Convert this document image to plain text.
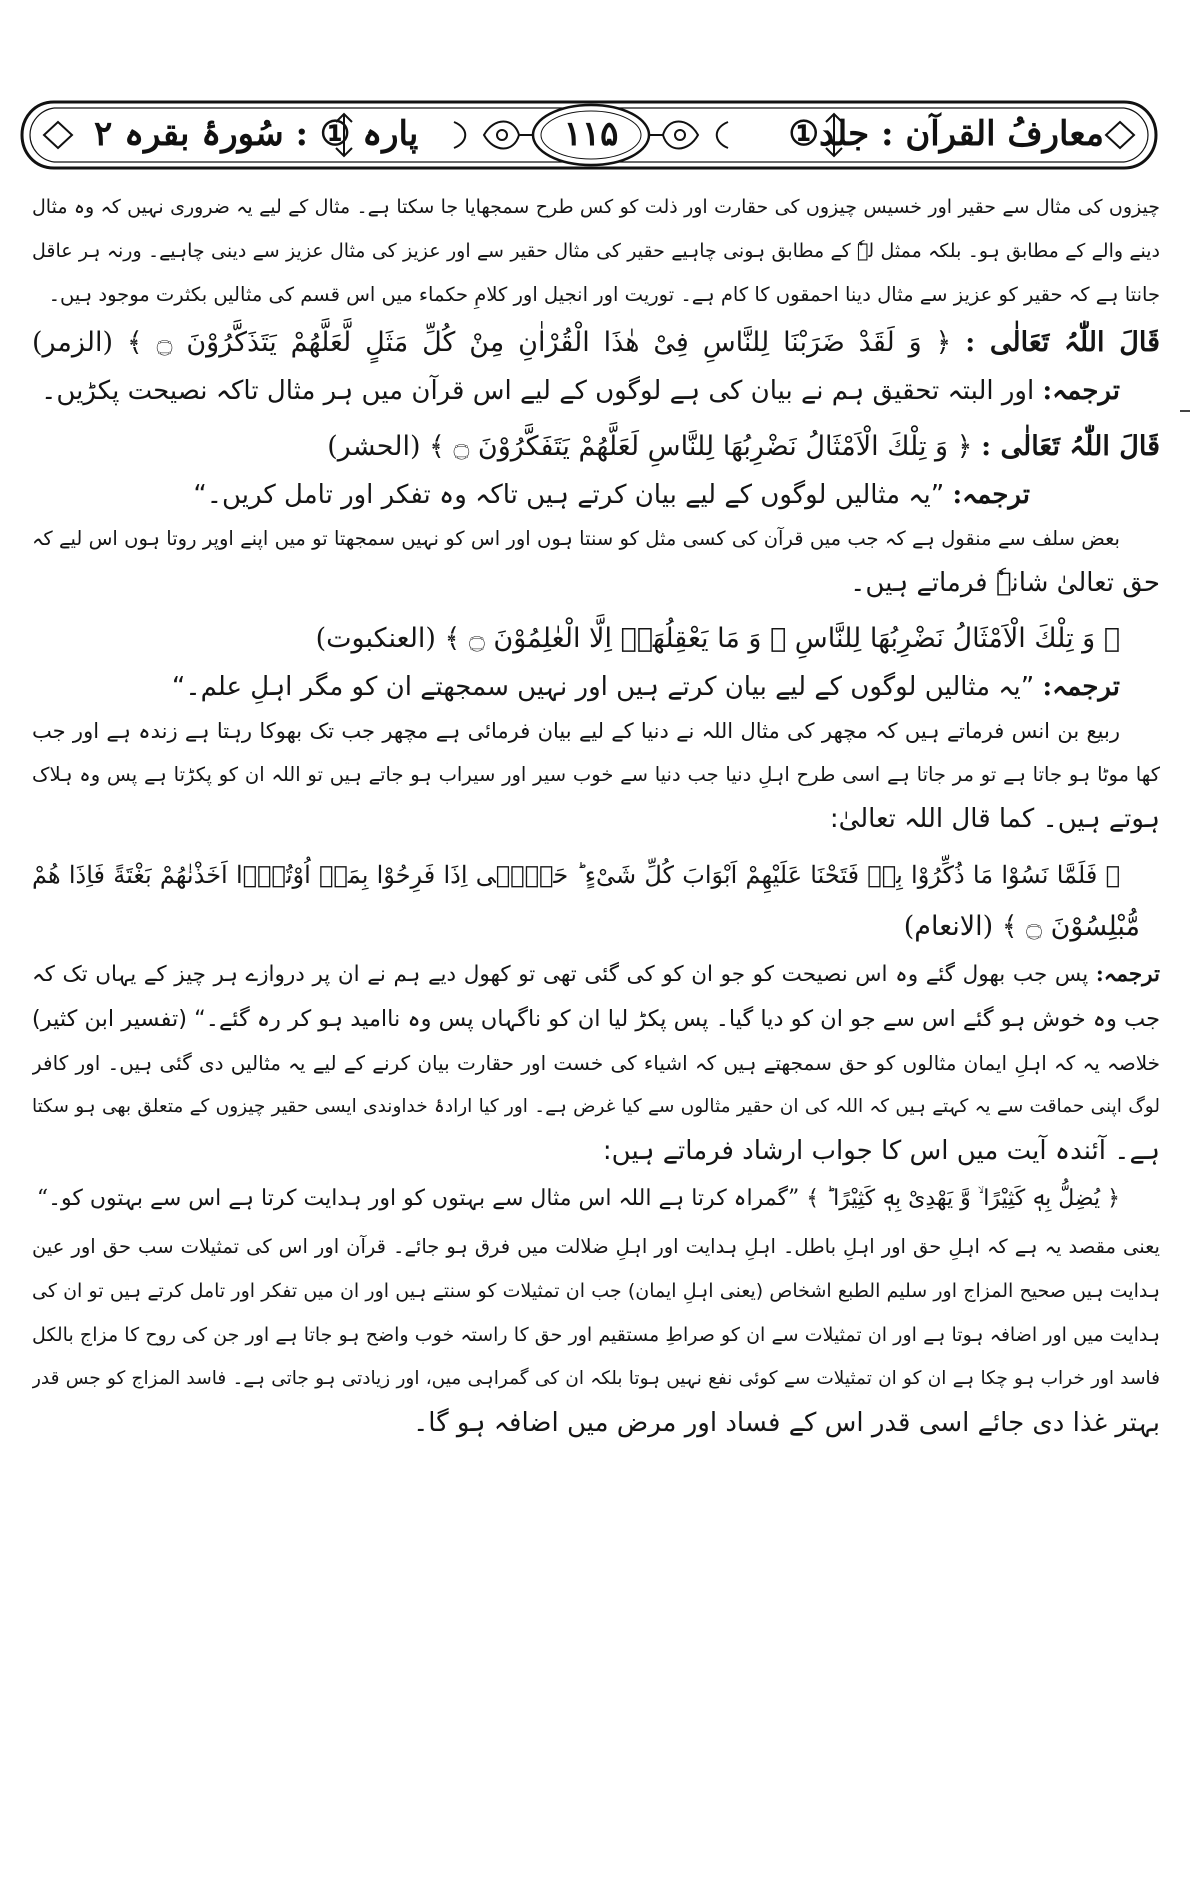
معارفُ القرآن : جلد①
۱۱۵
پارہ ① : سُورۂ بقرہ ۲
چیزوں کی مثال سے حقیر اور خسیس چیزوں کی حقارت اور ذلت کو کس طرح سمجھایا جا سکتا ہے۔ مثال کے لیے یہ ضروری نہیں کہ وہ مثال
دینے والے کے مطابق ہو۔ بلکہ ممثل لہٗ کے مطابق ہونی چاہیے حقیر کی مثال حقیر سے اور عزیز کی مثال عزیز سے دینی چاہیے۔ ورنہ ہر عاقل
جانتا ہے کہ حقیر کو عزیز سے مثال دینا احمقوں کا کام ہے۔ توریت اور انجیل اور کلامِ حکماء میں اس قسم کی مثالیں بکثرت موجود ہیں۔
قَالَ اللّٰہُ تَعَالٰی : ﴿ وَ لَقَدْ ضَرَبْنَا لِلنَّاسِ فِیْ هٰذَا الْقُرْاٰنِ مِنْ كُلِّ مَثَلٍ لَّعَلَّهُمْ یَتَذَكَّرُوْنَ ۝ ﴾ (الزمر)
ترجمہ: اور البتہ تحقیق ہم نے بیان کی ہے لوگوں کے لیے اس قرآن میں ہر مثال تاکہ نصیحت پکڑیں۔
قَالَ اللّٰہُ تَعَالٰی : ﴿ وَ تِلْكَ الْاَمْثَالُ نَضْرِبُهَا لِلنَّاسِ لَعَلَّهُمْ یَتَفَكَّرُوْنَ ۝ ﴾ (الحشر)
ترجمہ: ”یہ مثالیں لوگوں کے لیے بیان کرتے ہیں تاکہ وہ تفکر اور تامل کریں۔“
بعض سلف سے منقول ہے کہ جب میں قرآن کی کسی مثل کو سنتا ہوں اور اس کو نہیں سمجھتا تو میں اپنے اوپر روتا ہوں اس لیے کہ
حق تعالیٰ شانہٗ فرماتے ہیں۔
﴿ وَ تِلْكَ الْاَمْثَالُ نَضْرِبُهَا لِلنَّاسِ ۚ وَ مَا یَعْقِلُهَاۤ اِلَّا الْعٰلِمُوْنَ ۝ ﴾ (العنکبوت)
ترجمہ: ”یہ مثالیں لوگوں کے لیے بیان کرتے ہیں اور نہیں سمجھتے ان کو مگر اہلِ علم۔“
ربیع بن انس فرماتے ہیں کہ مچھر کی مثال اللہ نے دنیا کے لیے بیان فرمائی ہے مچھر جب تک بھوکا رہتا ہے زندہ ہے اور جب
کھا موٹا ہو جاتا ہے تو مر جاتا ہے اسی طرح اہلِ دنیا جب دنیا سے خوب سیر اور سیراب ہو جاتے ہیں تو اللہ ان کو پکڑتا ہے پس وہ ہلاک
ہوتے ہیں۔ کما قال اللہ تعالیٰ:
﴿ فَلَمَّا نَسُوْا مَا ذُكِّرُوْا بِهٖ فَتَحْنَا عَلَیْهِمْ اَبْوَابَ كُلِّ شَیْءٍ ؕ حَتّٰۤی اِذَا فَرِحُوْا بِمَاۤ اُوْتُوْۤا اَخَذْنٰهُمْ بَغْتَةً فَاِذَا هُمْ
مُّبْلِسُوْنَ ۝ ﴾ (الانعام)
ترجمہ: پس جب بھول گئے وہ اس نصیحت کو جو ان کو کی گئی تھی تو کھول دیے ہم نے ان پر دروازے ہر چیز کے یہاں تک کہ
جب وہ خوش ہو گئے اس سے جو ان کو دیا گیا۔ پس پکڑ لیا ان کو ناگہاں پس وہ ناامید ہو کر رہ گئے۔“ (تفسیر ابن کثیر)
خلاصہ یہ کہ اہلِ ایمان مثالوں کو حق سمجھتے ہیں کہ اشیاء کی خست اور حقارت بیان کرنے کے لیے یہ مثالیں دی گئی ہیں۔ اور کافر
لوگ اپنی حماقت سے یہ کہتے ہیں کہ اللہ کی ان حقیر مثالوں سے کیا غرض ہے۔ اور کیا ارادۂ خداوندی ایسی حقیر چیزوں کے متعلق بھی ہو سکتا
ہے۔ آئندہ آیت میں اس کا جواب ارشاد فرماتے ہیں:
﴿ یُضِلُّ بِهٖ كَثِیْرًا ۙ وَّ یَهْدِیْ بِهٖ كَثِیْرًا ؕ ﴾ ”گمراہ کرتا ہے اللہ اس مثال سے بہتوں کو اور ہدایت کرتا ہے اس سے بہتوں کو۔“
یعنی مقصد یہ ہے کہ اہلِ حق اور اہلِ باطل۔ اہلِ ہدایت اور اہلِ ضلالت میں فرق ہو جائے۔ قرآن اور اس کی تمثیلات سب حق اور عین
ہدایت ہیں صحیح المزاج اور سلیم الطبع اشخاص (یعنی اہلِ ایمان) جب ان تمثیلات کو سنتے ہیں اور ان میں تفکر اور تامل کرتے ہیں تو ان کی
ہدایت میں اور اضافہ ہوتا ہے اور ان تمثیلات سے ان کو صراطِ مستقیم اور حق کا راستہ خوب واضح ہو جاتا ہے اور جن کی روح کا مزاج بالکل
فاسد اور خراب ہو چکا ہے ان کو ان تمثیلات سے کوئی نفع نہیں ہوتا بلکہ ان کی گمراہی میں، اور زیادتی ہو جاتی ہے۔ فاسد المزاج کو جس قدر
بہتر غذا دی جائے اسی قدر اس کے فساد اور مرض میں اضافہ ہو گا۔
